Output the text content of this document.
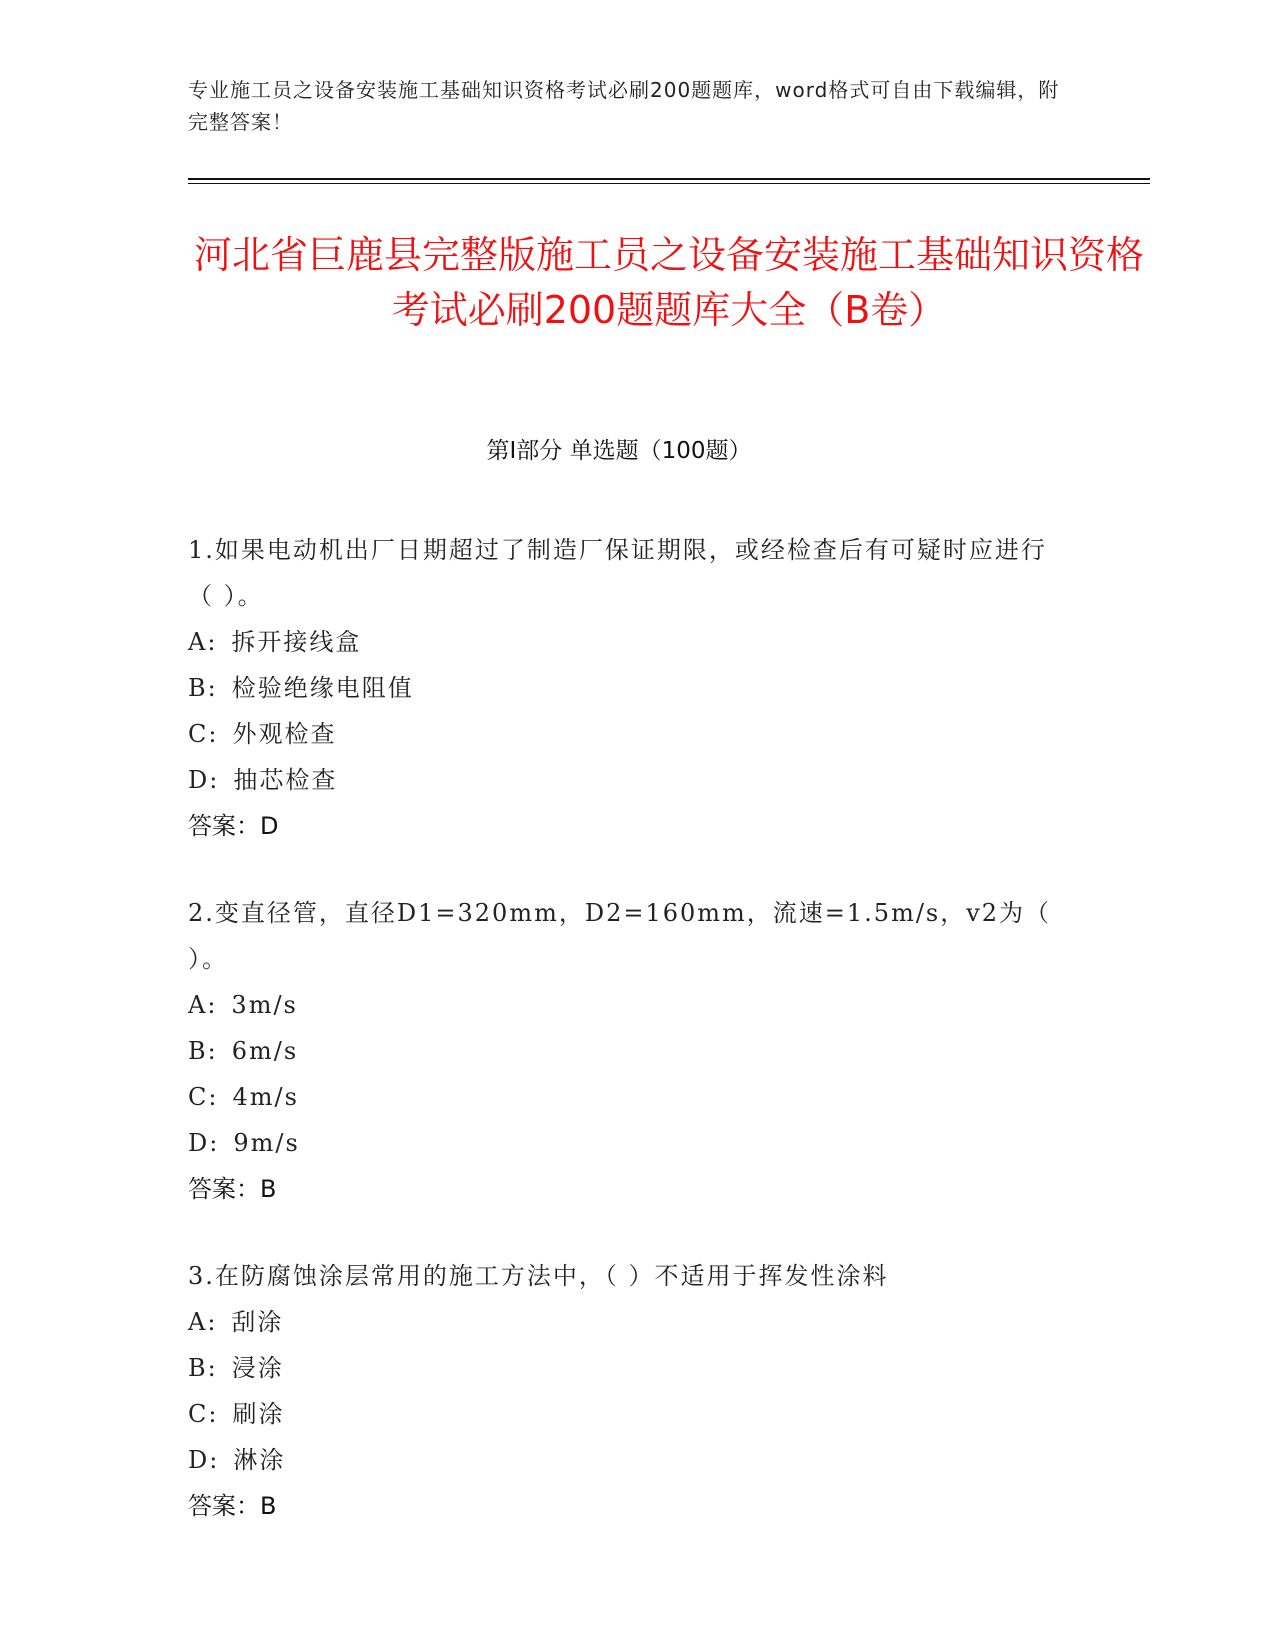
专业施工员之设备安装施工基础知识资格考试必刷200题题库，word格式可自由下载编辑，附完整答案！
河北省巨鹿县完整版施工员之设备安装施工基础知识资格考试必刷200题题库大全（B卷）
第I部分 单选题（100题）
1.如果电动机出厂日期超过了制造厂保证期限，或经检查后有可疑时应进行（ ）。
A: 拆开接线盒
B: 检验绝缘电阻值
C: 外观检查
D: 抽芯检查
答案：D
2.变直径管，直径D1=320mm，D2=160mm，流速=1.5m/s，v2为（ ）。
A: 3m/s
B: 6m/s
C: 4m/s
D: 9m/s
答案：B
3.在防腐蚀涂层常用的施工方法中，（ ）不适用于挥发性涂料
A: 刮涂
B: 浸涂
C: 刷涂
D: 淋涂
答案：B
